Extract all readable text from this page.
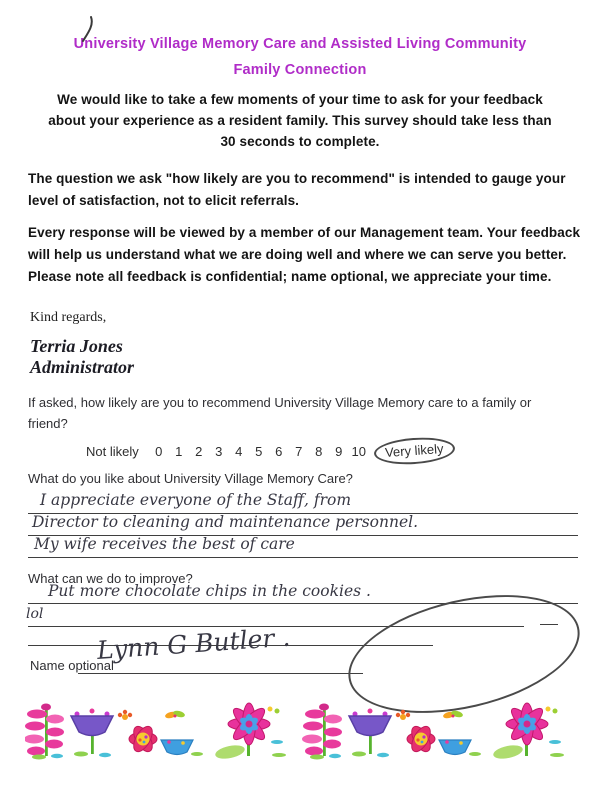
University Village Memory Care and Assisted Living Community
Family Connection
We would like to take a few moments of your time to ask for your feedback
about your experience as a resident family. This survey should take less than
30 seconds to complete.
The question we ask "how likely are you to recommend" is intended to gauge your level of satisfaction, not to elicit referrals.
Every response will be viewed by a member of our Management team. Your feedback will help us understand what we are doing well and where we can serve you better. Please note all feedback is confidential; name optional, we appreciate your time.
Kind regards,
Terria Jones
Administrator
If asked, how likely are you to recommend University Village Memory care to a family or friend?
Not likely	0 1 2 3 4 5 6 7 8 9 10	Very likely
What do you like about University Village Memory Care?
I appreciate everyone of the Staff, from
Director to cleaning and maintenance personnel.
My wife receives the best of care
What can we do to improve?
Put more chocolate chips in the cookies .
lol
Name optional
Lynn G Butler .
